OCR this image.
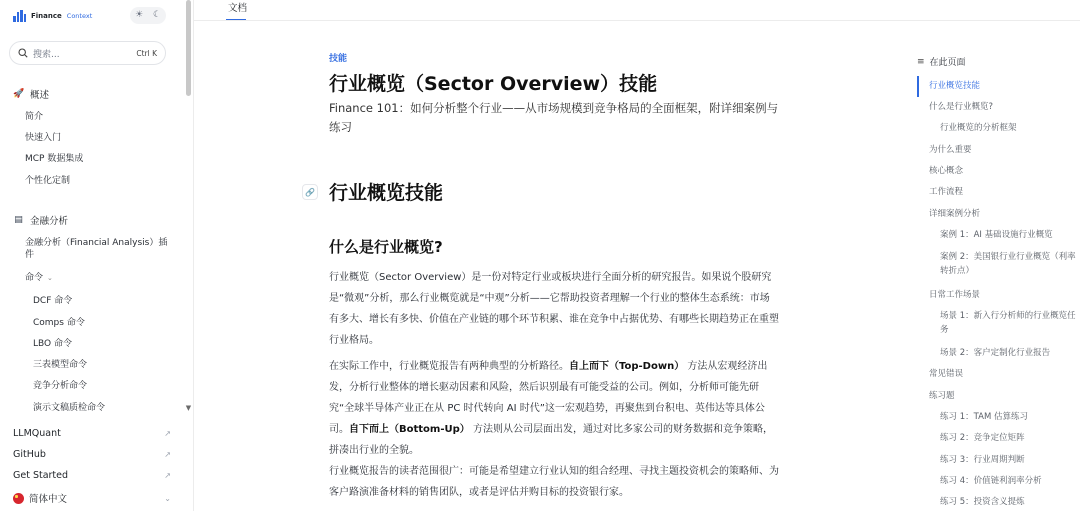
Finance Context	☀ ☾
搜索...	Ctrl K
🚀 概述
简介
快速入门
MCP 数据集成
个性化定制
▤ 金融分析
金融分析（Financial Analysis）插件
命令 ⌄
DCF 命令
Comps 命令
LBO 命令
三表模型命令
竞争分析命令
演示文稿质检命令	▼
LLMQuant	↗
GitHub	↗
Get Started	↗
简体中文	⌄
文档
🔗
技能
行业概览（Sector Overview）技能

Finance 101：如何分析整个行业——从市场规模到竞争格局的全面框架，附详细案例与练习

行业概览技能
什么是行业概览?

行业概览（Sector Overview）是一份对特定行业或板块进行全面分析的研究报告。如果说个股研究是“微观”分析，那么行业概览就是“中观”分析——它帮助投资者理解一个行业的整体生态系统：市场有多大、增长有多快、价值在产业链的哪个环节积累、谁在竞争中占据优势、有哪些长期趋势正在重塑行业格局。

在实际工作中，行业概览报告有两种典型的分析路径。自上而下（Top-Down） 方法从宏观经济出发，分析行业整体的增长驱动因素和风险，然后识别最有可能受益的公司。例如，分析师可能先研究“全球半导体产业正在从 PC 时代转向 AI 时代”这一宏观趋势，再聚焦到台积电、英伟达等具体公司。自下而上（Bottom-Up） 方法则从公司层面出发，通过对比多家公司的财务数据和竞争策略，拼凑出行业的全貌。

行业概览报告的读者范围很广：可能是希望建立行业认知的组合经理、寻找主题投资机会的策略师、为客户路演准备材料的销售团队，或者是评估并购目标的投资银行家。

≡ 在此页面
行业概览技能
什么是行业概览?
行业概览的分析框架
为什么重要
核心概念
工作流程
详细案例分析
案例 1：AI 基础设施行业概览
案例 2：美国银行业行业概览（利率转折点）
日常工作场景
场景 1：新入行分析师的行业概览任务
场景 2：客户定制化行业报告
常见错误
练习题
练习 1：TAM 估算练习
练习 2：竞争定位矩阵
练习 3：行业周期判断
练习 4：价值链利润率分析
练习 5：投资含义提炼
